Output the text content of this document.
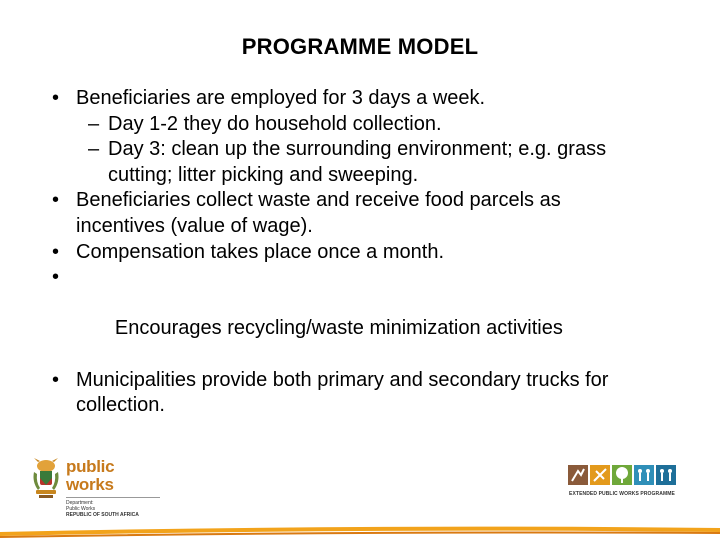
PROGRAMME MODEL

• Beneficiaries are employed for 3 days a week.

– Day 1-2 they do household collection.

– Day 3: clean up the surrounding environment; e.g. grass cutting; litter picking and sweeping.

• Beneficiaries collect waste and receive food parcels as incentives (value of wage).

• Compensation takes place once a month.

•

Encourages recycling/waste minimization activities

• Municipalities provide both primary and secondary trucks for collection.

public works
Department:
Public Works
REPUBLIC OF SOUTH AFRICA
EXTENDED PUBLIC WORKS PROGRAMME
